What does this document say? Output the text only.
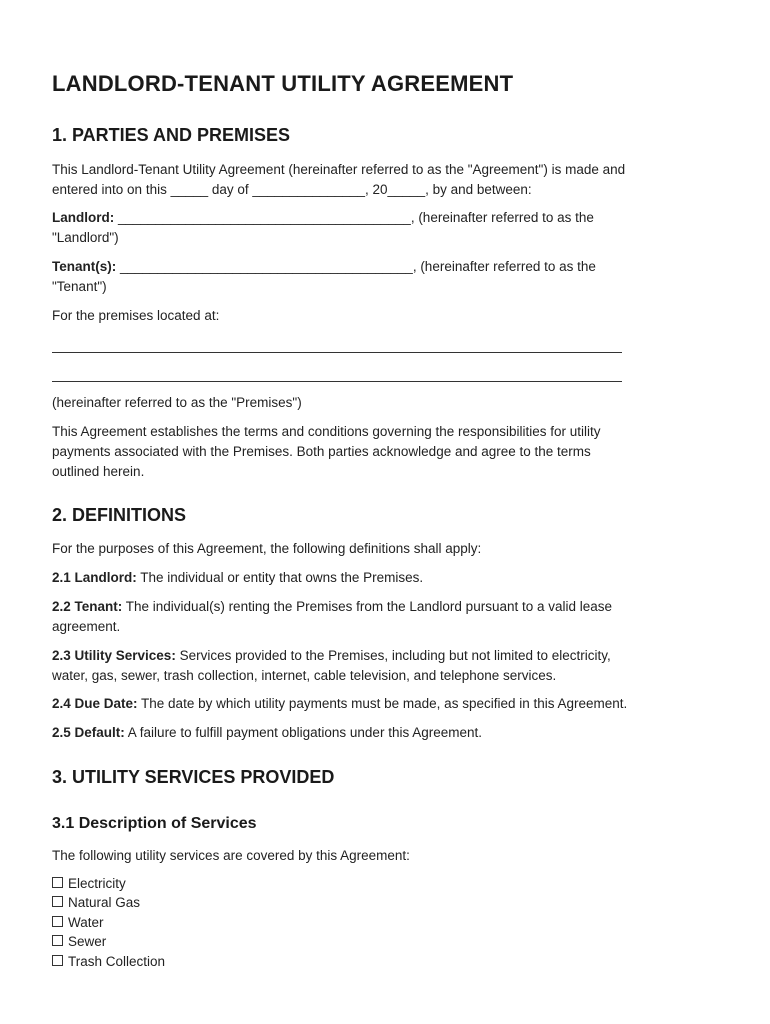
LANDLORD-TENANT UTILITY AGREEMENT
1. PARTIES AND PREMISES

This Landlord-Tenant Utility Agreement (hereinafter referred to as the "Agreement") is made and
entered into on this _____ day of _______________, 20_____, by and between:

Landlord: _______________________________________, (hereinafter referred to as the
"Landlord")

Tenant(s): _______________________________________, (hereinafter referred to as the
"Tenant")

For the premises located at:

(hereinafter referred to as the "Premises")

This Agreement establishes the terms and conditions governing the responsibilities for utility
payments associated with the Premises. Both parties acknowledge and agree to the terms
outlined herein.

2. DEFINITIONS

For the purposes of this Agreement, the following definitions shall apply:

2.1 Landlord: The individual or entity that owns the Premises.

2.2 Tenant: The individual(s) renting the Premises from the Landlord pursuant to a valid lease
agreement.

2.3 Utility Services: Services provided to the Premises, including but not limited to electricity,
water, gas, sewer, trash collection, internet, cable television, and telephone services.

2.4 Due Date: The date by which utility payments must be made, as specified in this Agreement.

2.5 Default: A failure to fulfill payment obligations under this Agreement.

3. UTILITY SERVICES PROVIDED
3.1 Description of Services

The following utility services are covered by this Agreement:

Electricity
Natural Gas
Water
Sewer
Trash Collection
